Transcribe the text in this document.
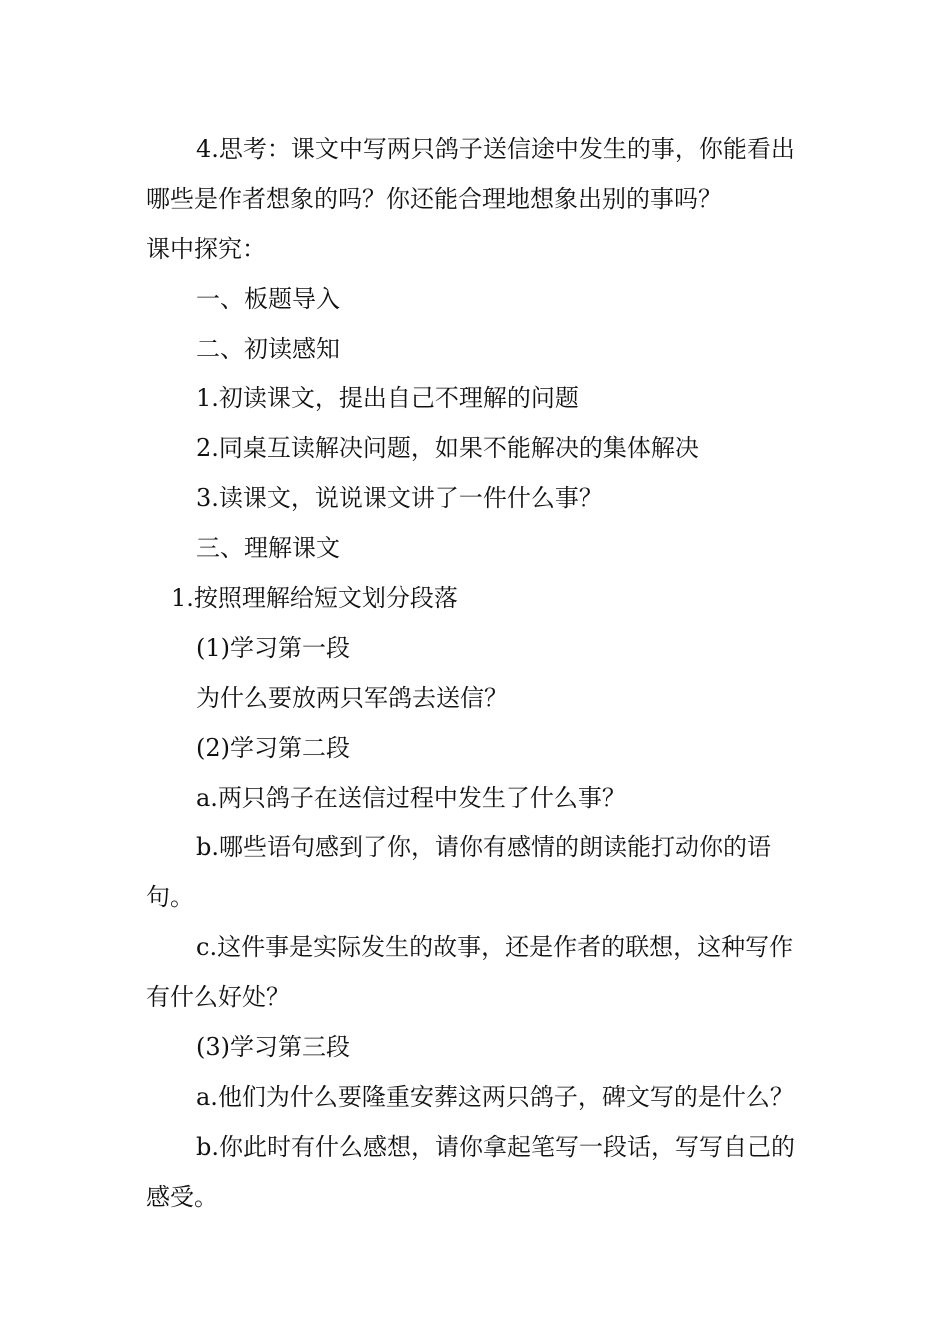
4.思考：课文中写两只鸽子送信途中发生的事，你能看出
哪些是作者想象的吗？你还能合理地想象出别的事吗？
课中探究：
一、板题导入
二、初读感知
1.初读课文，提出自己不理解的问题
2.同桌互读解决问题，如果不能解决的集体解决
3.读课文，说说课文讲了一件什么事？
三、理解课文
1.按照理解给短文划分段落
(1)学习第一段
为什么要放两只军鸽去送信？
(2)学习第二段
a.两只鸽子在送信过程中发生了什么事？
b.哪些语句感到了你，请你有感情的朗读能打动你的语
句。
c.这件事是实际发生的故事，还是作者的联想，这种写作
有什么好处？
(3)学习第三段
a.他们为什么要隆重安葬这两只鸽子，碑文写的是什么？
b.你此时有什么感想，请你拿起笔写一段话，写写自己的
感受。
